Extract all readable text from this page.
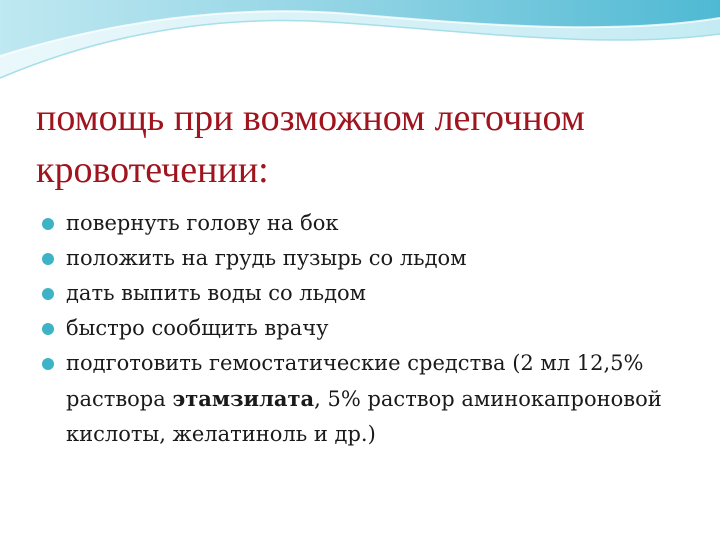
помощь при возможном легочном кровотечении:
повернуть голову на бок
положить на грудь пузырь со льдом
дать выпить воды со льдом
быстро сообщить врачу
подготовить гемостатические средства (2 мл 12,5% раствора этамзилата, 5% раствор аминокапроновой кислоты, желатиноль и др.)
